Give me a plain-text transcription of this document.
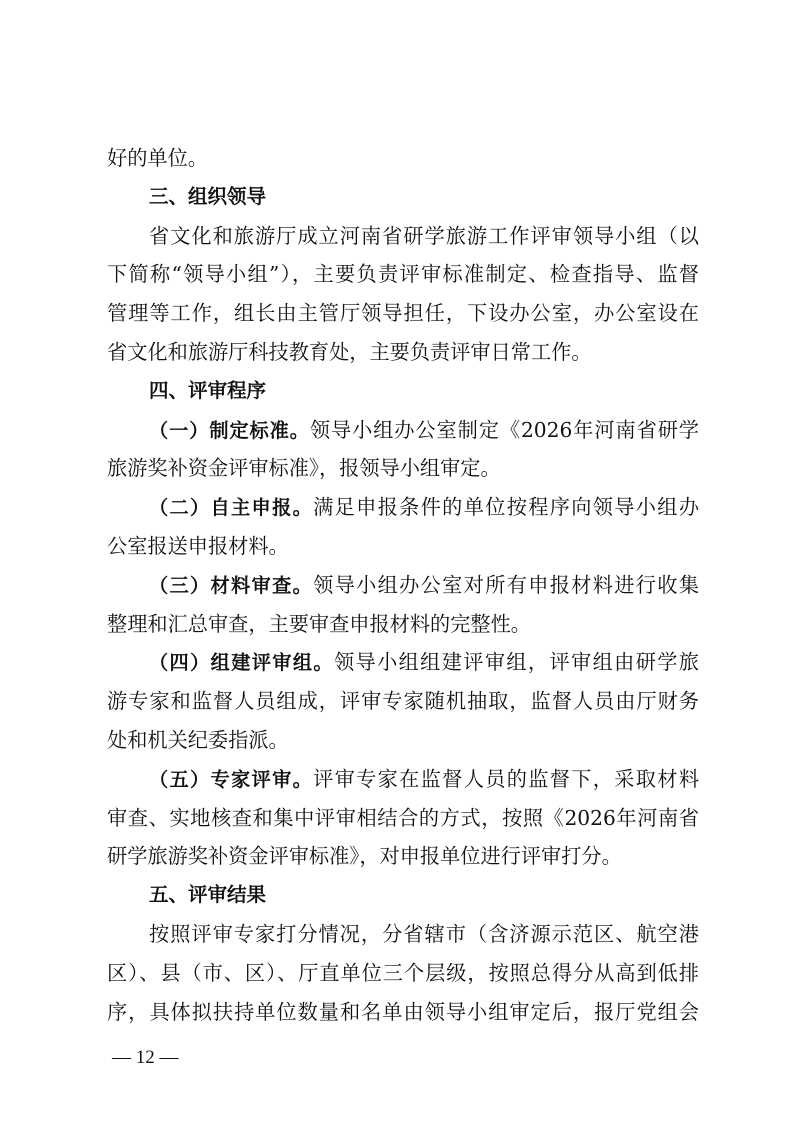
好的单位。
三、组织领导
省文化和旅游厅成立河南省研学旅游工作评审领导小组（以
下简称“领导小组”），主要负责评审标准制定、检查指导、监督
管理等工作，组长由主管厅领导担任，下设办公室，办公室设在
省文化和旅游厅科技教育处，主要负责评审日常工作。
四、评审程序
（一）制定标准。领导小组办公室制定《2026年河南省研学
旅游奖补资金评审标准》，报领导小组审定。
（二）自主申报。满足申报条件的单位按程序向领导小组办
公室报送申报材料。
（三）材料审查。领导小组办公室对所有申报材料进行收集
整理和汇总审查，主要审查申报材料的完整性。
（四）组建评审组。领导小组组建评审组，评审组由研学旅
游专家和监督人员组成，评审专家随机抽取，监督人员由厅财务
处和机关纪委指派。
（五）专家评审。评审专家在监督人员的监督下，采取材料
审查、实地核查和集中评审相结合的方式，按照《2026年河南省
研学旅游奖补资金评审标准》，对申报单位进行评审打分。
五、评审结果
按照评审专家打分情况，分省辖市（含济源示范区、航空港
区）、县（市、区）、厅直单位三个层级，按照总得分从高到低排
序，具体拟扶持单位数量和名单由领导小组审定后，报厅党组会
— 12 —
